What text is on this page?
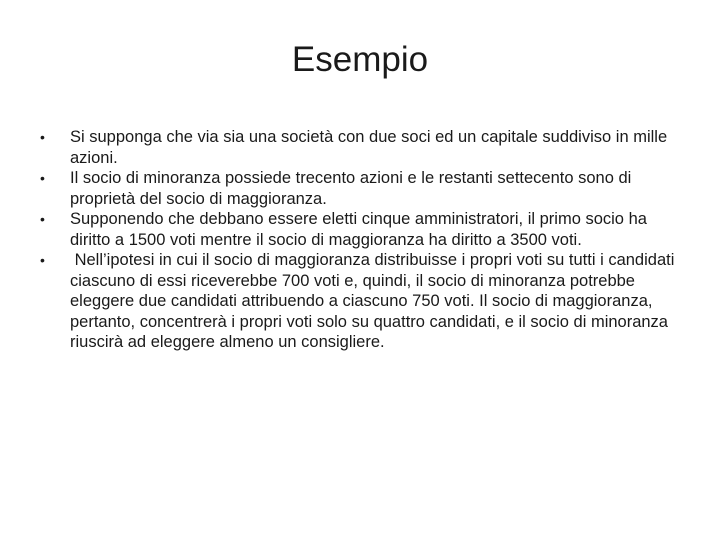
Esempio
•	Si supponga che via sia una società con due soci ed un capitale suddiviso in mille azioni.
•	Il socio di minoranza possiede trecento azioni e le restanti settecento sono di proprietà del socio di maggioranza.
•	Supponendo che debbano essere eletti cinque amministratori, il primo socio ha diritto a 1500 voti mentre il socio di maggioranza ha diritto a 3500 voti.
•	Nell’ipotesi in cui il socio di maggioranza distribuisse i propri voti su tutti i candidati ciascuno di essi riceverebbe 700 voti e, quindi, il socio di minoranza potrebbe eleggere due candidati attribuendo a ciascuno 750 voti. Il socio di maggioranza, pertanto, concentrerà i propri voti solo su quattro candidati, e il socio di minoranza riuscirà ad eleggere almeno un consigliere.
